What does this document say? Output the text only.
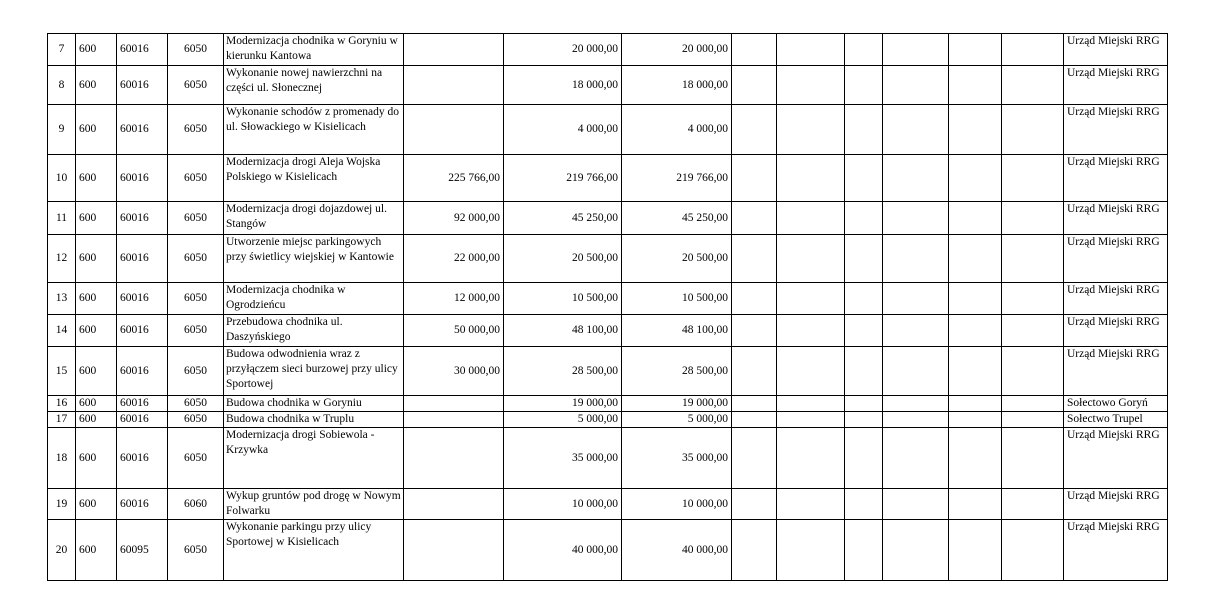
7	600	60016	6050	Modernizacja chodnika w Goryniu w kierunku Kantowa		20 000,00	20 000,00							Urząd Miejski RRG
8	600	60016	6050	Wykonanie nowej nawierzchni na części ul. Słonecznej		18 000,00	18 000,00							Urząd Miejski RRG
9	600	60016	6050	Wykonanie schodów z promenady do ul. Słowackiego w Kisielicach		4 000,00	4 000,00							Urząd Miejski RRG
10	600	60016	6050	Modernizacja drogi Aleja Wojska Polskiego w Kisielicach	225 766,00	219 766,00	219 766,00							Urząd Miejski RRG
11	600	60016	6050	Modernizacja drogi dojazdowej ul. Stangów	92 000,00	45 250,00	45 250,00							Urząd Miejski RRG
12	600	60016	6050	Utworzenie miejsc parkingowych przy świetlicy wiejskiej w Kantowie	22 000,00	20 500,00	20 500,00							Urząd Miejski RRG
13	600	60016	6050	Modernizacja chodnika w Ogrodzieńcu	12 000,00	10 500,00	10 500,00							Urząd Miejski RRG
14	600	60016	6050	Przebudowa chodnika ul. Daszyńskiego	50 000,00	48 100,00	48 100,00							Urząd Miejski RRG
15	600	60016	6050	Budowa odwodnienia wraz z przyłączem sieci burzowej przy ulicy Sportowej	30 000,00	28 500,00	28 500,00							Urząd Miejski RRG
16	600	60016	6050	Budowa chodnika w Goryniu		19 000,00	19 000,00							Sołectowo Goryń
17	600	60016	6050	Budowa chodnika w Truplu		5 000,00	5 000,00							Sołectwo Trupel
18	600	60016	6050	Modernizacja drogi Sobiewola - Krzywka		35 000,00	35 000,00							Urząd Miejski RRG
19	600	60016	6060	Wykup gruntów pod drogę w Nowym Folwarku		10 000,00	10 000,00							Urząd Miejski RRG
20	600	60095	6050	Wykonanie parkingu przy ulicy Sportowej w Kisielicach		40 000,00	40 000,00							Urząd Miejski RRG
